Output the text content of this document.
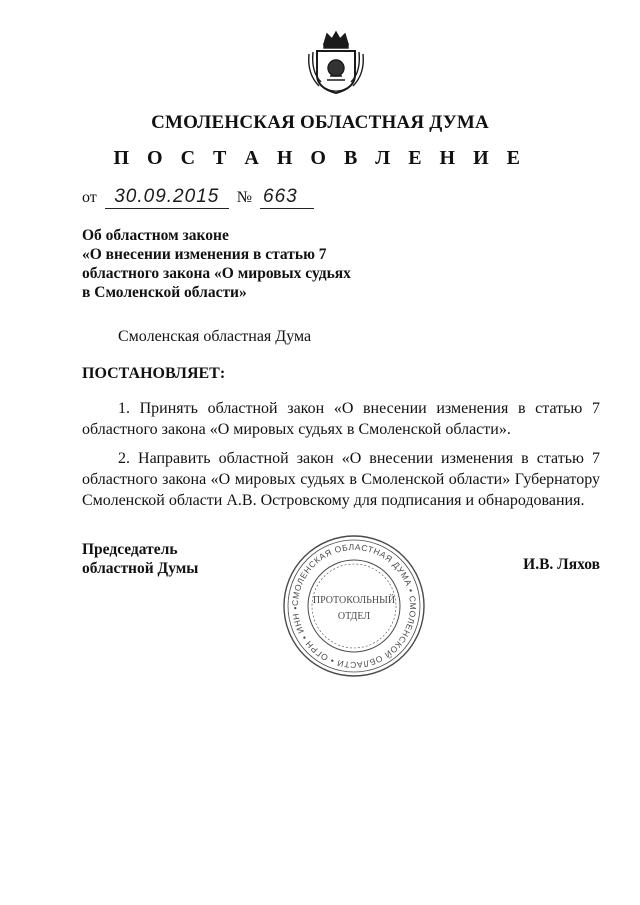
СМОЛЕНСКАЯ ОБЛАСТНАЯ ДУМА
П О С Т А Н О В Л Е Н И Е
от 30.09.2015 № 663
Об областном законе
«О внесении изменения в статью 7
областного закона «О мировых судьях
в Смоленской области»
Смоленская областная Дума
ПОСТАНОВЛЯЕТ:

1. Принять областной закон «О внесении изменения в статью 7 областного закона «О мировых судьях в Смоленской области».

2. Направить областной закон «О внесении изменения в статью 7 областного закона «О мировых судьях в Смоленской области» Губернатору Смоленской области А.В. Островскому для подписания и обнародования.

Председатель
областной Думы	И.В. Ляхов
СМОЛЕНСКАЯ ОБЛАСТНАЯ ДУМА • СМОЛЕНСКОЙ ОБЛАСТИ • ОГРН • ИНН •
ПРОТОКОЛЬНЫЙ
ОТДЕЛ
